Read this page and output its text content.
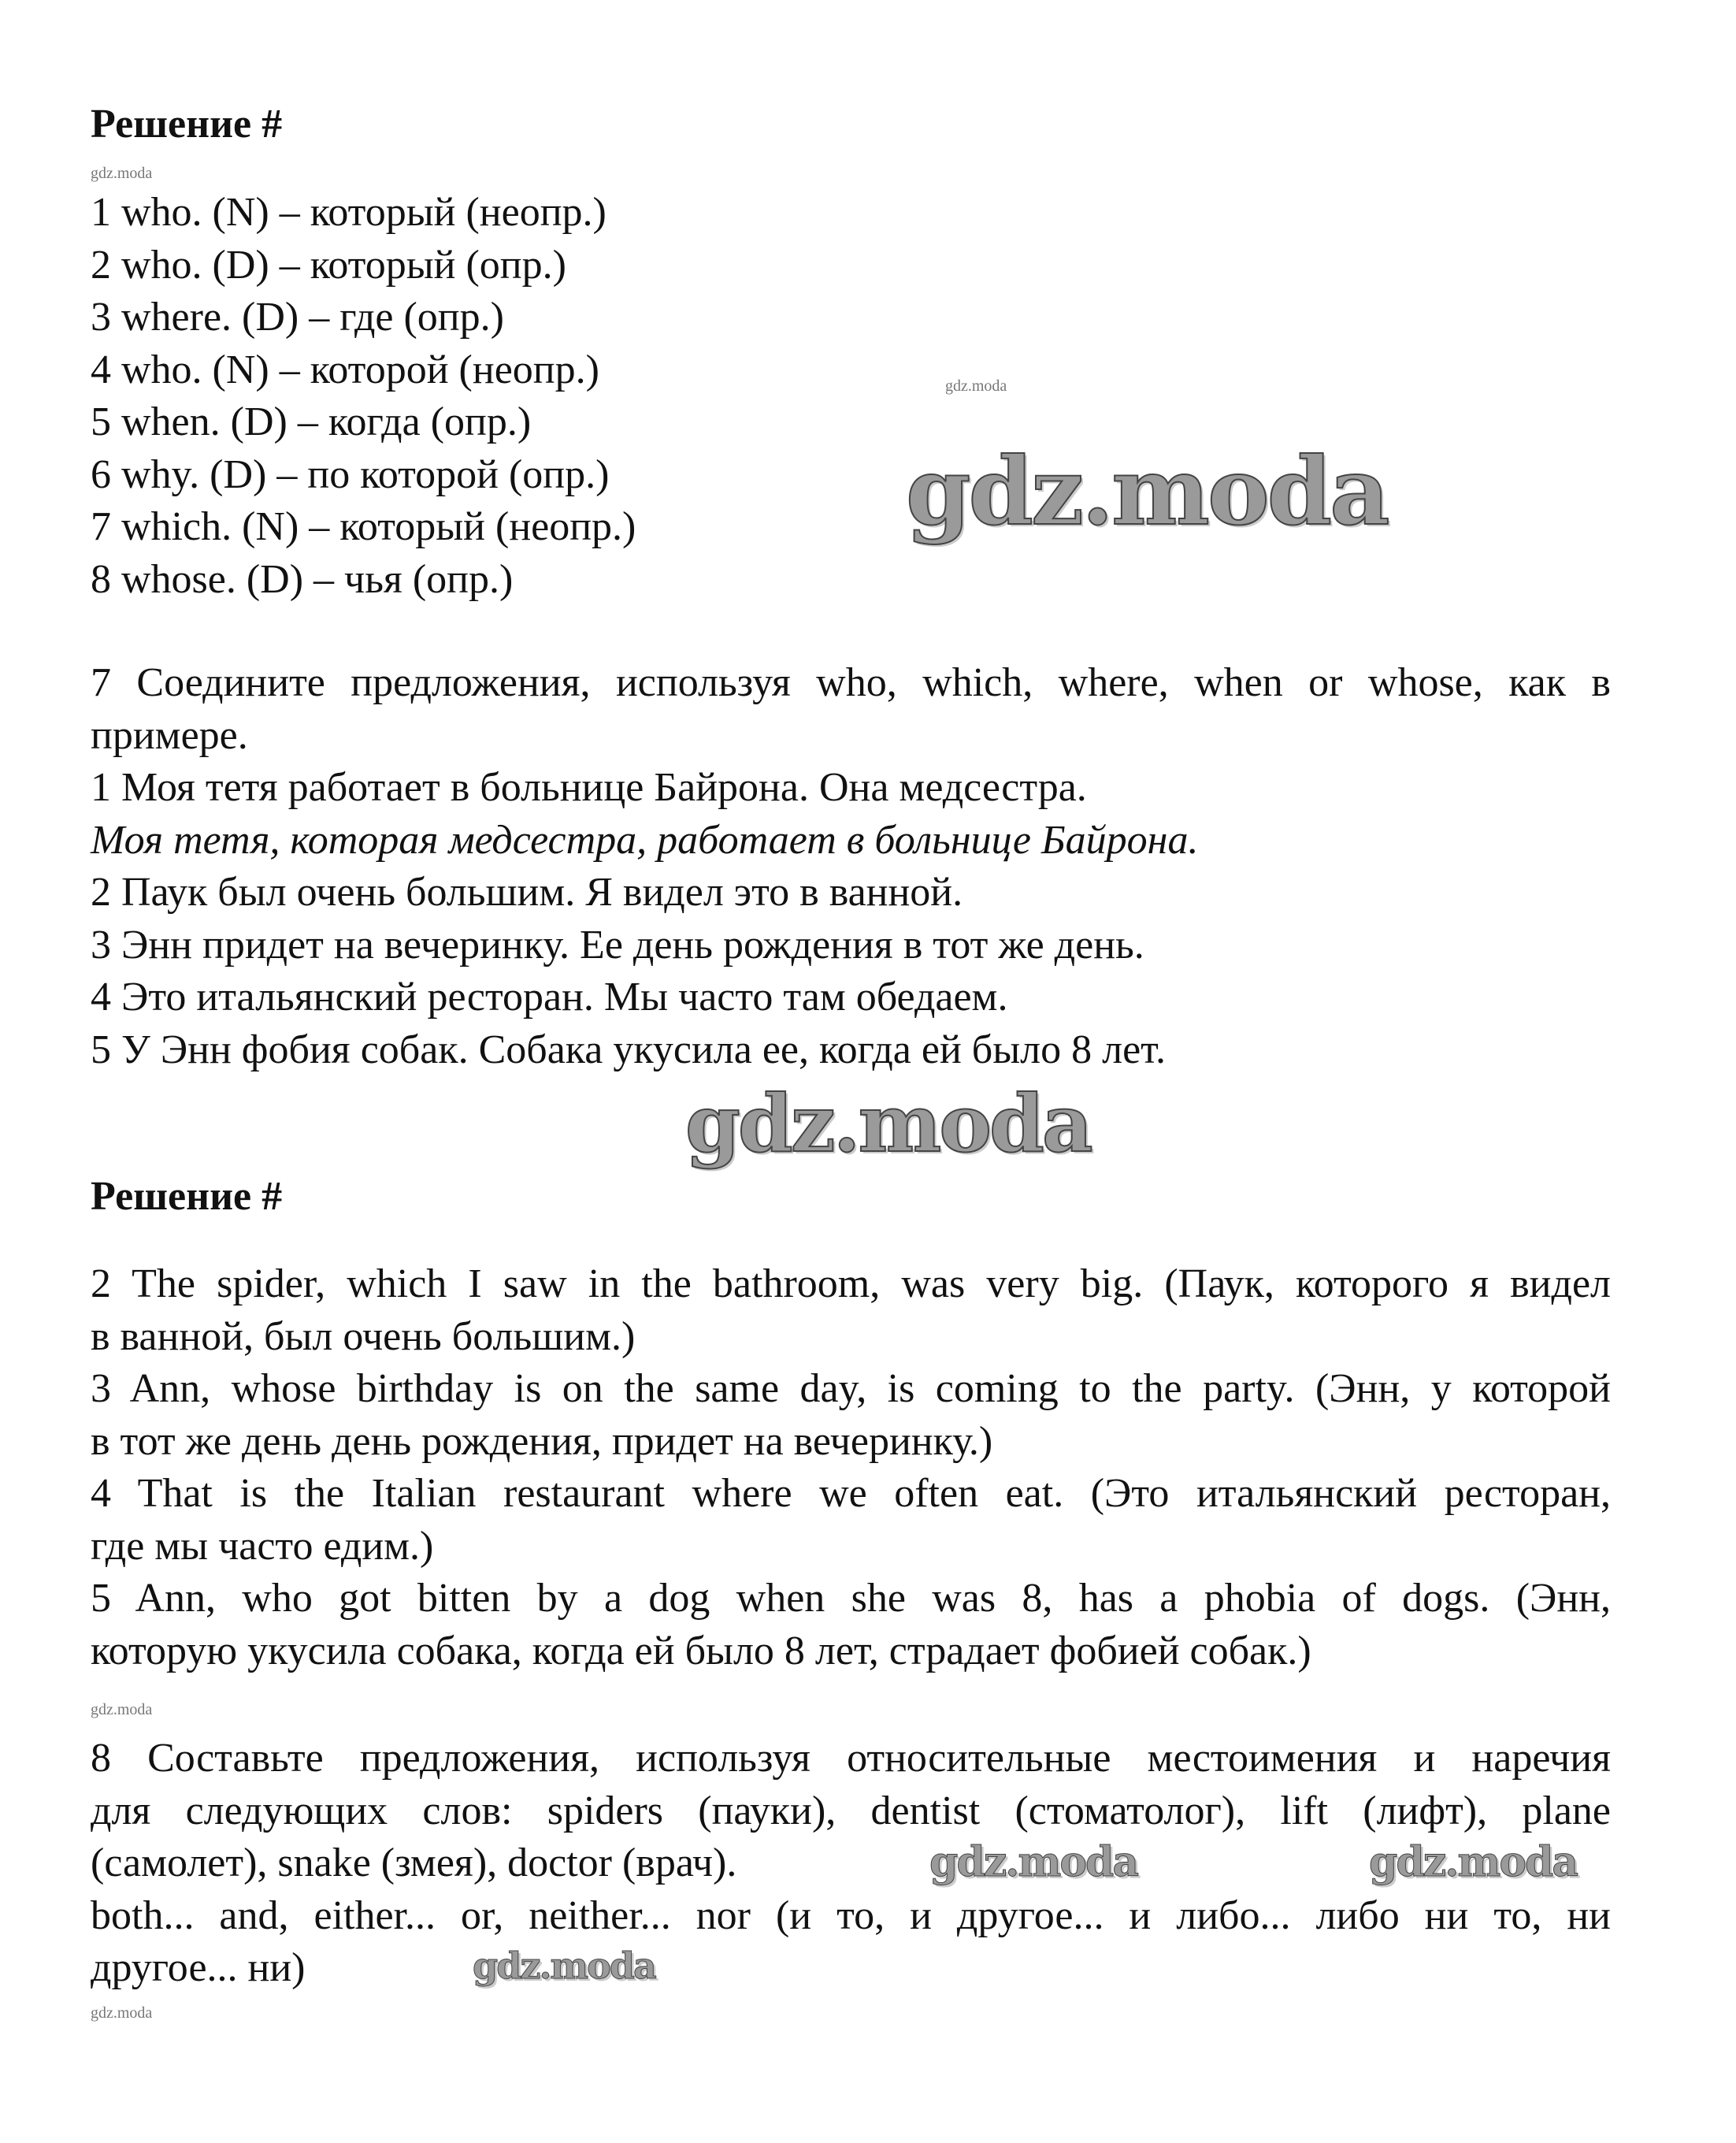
Решение #
gdz.moda
1 who. (N) – который (неопр.)
2 who. (D) – который (опр.)
3 where. (D) – где (опр.)
4 who. (N) – которой (неопр.)
5 when. (D) – когда (опр.)
6 why. (D) – по которой (опр.)
7 which. (N) – который (неопр.)
8 whose. (D) – чья (опр.)
gdz.moda
gdz.moda
7 Соедините предложения, используя who, which, where, when or whose, как в
примере.
1 Моя тетя работает в больнице Байрона. Она медсестра.
Моя тетя, которая медсестра, работает в больнице Байрона.
2 Паук был очень большим. Я видел это в ванной.
3 Энн придет на вечеринку. Ее день рождения в тот же день.
4 Это итальянский ресторан. Мы часто там обедаем.
5 У Энн фобия собак. Собака укусила ее, когда ей было 8 лет.
gdz.moda
Решение #
2 The spider, which I saw in the bathroom, was very big. (Паук, которого я видел
в ванной, был очень большим.)
3 Ann, whose birthday is on the same day, is coming to the party. (Энн, у которой
в тот же день день рождения, придет на вечеринку.)
4 That is the Italian restaurant where we often eat. (Это итальянский ресторан,
где мы часто едим.)
5 Ann, who got bitten by a dog when she was 8, has a phobia of dogs. (Энн,
которую укусила собака, когда ей было 8 лет, страдает фобией собак.)
gdz.moda
8 Составьте предложения, используя относительные местоимения и наречия
для следующих слов: spiders (пауки), dentist (стоматолог), lift (лифт), plane
(самолет), snake (змея), doctor (врач).
both... and, either... or, neither... nor (и то, и другое... и либо... либо ни то, ни
другое... ни)
gdz.moda	gdz.moda
gdz.moda
gdz.moda
